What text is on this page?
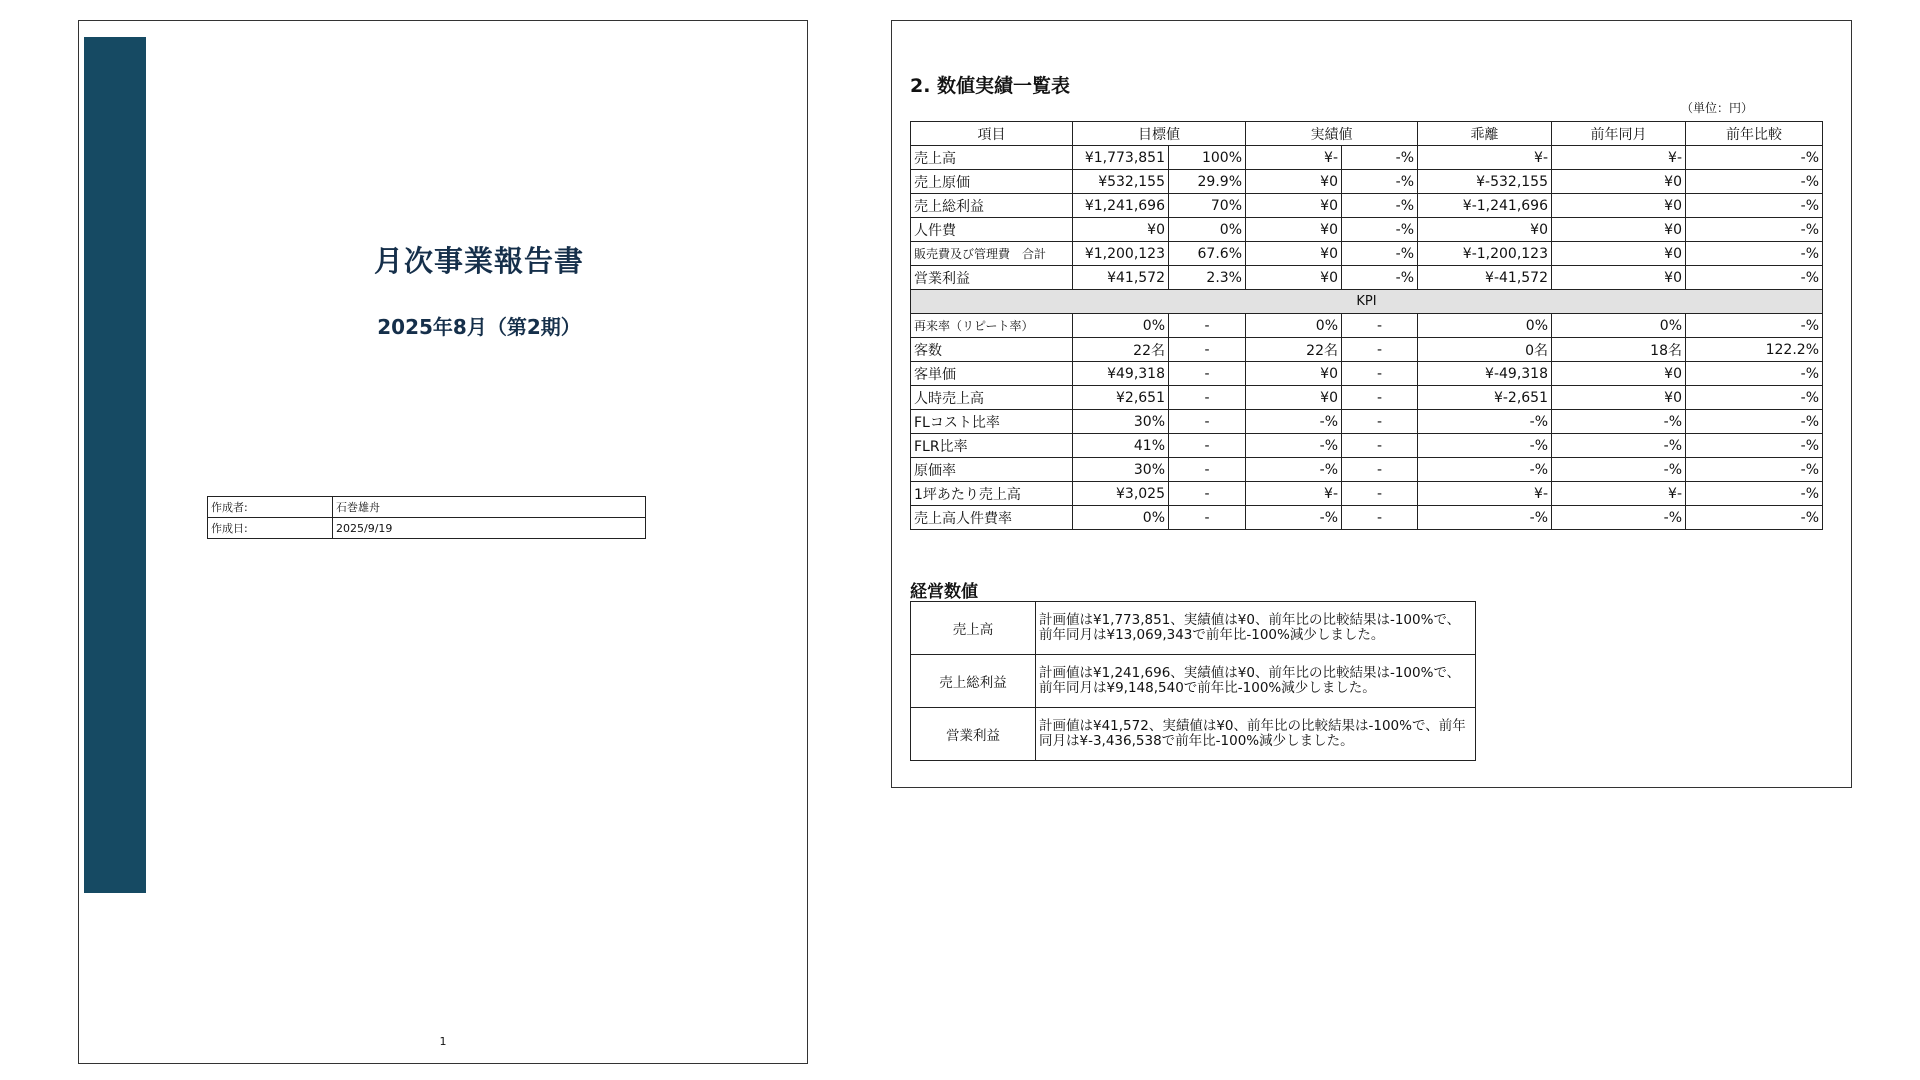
月次事業報告書
2025年8月（第2期）
作成者:	石巻雄舟
作成日:	2025/9/19
1
2. 数値実績一覧表
（単位：円）
項目	目標値		実績値		乖離	前年同月	前年比較
売上高	¥1,773,851	100%	¥-	-%	¥-	¥-	-%
売上原価	¥532,155	29.9%	¥0	-%	¥-532,155	¥0	-%
売上総利益	¥1,241,696	70%	¥0	-%	¥-1,241,696	¥0	-%
人件費	¥0	0%	¥0	-%	¥0	¥0	-%
販売費及び管理費　合計	¥1,200,123	67.6%	¥0	-%	¥-1,200,123	¥0	-%
営業利益	¥41,572	2.3%	¥0	-%	¥-41,572	¥0	-%
KPI							
再来率（リピート率）	0%	-	0%	-	0%	0%	-%
客数	22名	-	22名	-	0名	18名	122.2%
客単価	¥49,318	-	¥0	-	¥-49,318	¥0	-%
人時売上高	¥2,651	-	¥0	-	¥-2,651	¥0	-%
FLコスト比率	30%	-	-%	-	-%	-%	-%
FLR比率	41%	-	-%	-	-%	-%	-%
原価率	30%	-	-%	-	-%	-%	-%
1坪あたり売上高	¥3,025	-	¥-	-	¥-	¥-	-%
売上高人件費率	0%	-	-%	-	-%	-%	-%
経営数値
売上高	計画値は¥1,773,851、実績値は¥0、前年比の比較結果は-100%で、前年同月は¥13,069,343で前年比-100%減少しました。
売上総利益	計画値は¥1,241,696、実績値は¥0、前年比の比較結果は-100%で、前年同月は¥9,148,540で前年比-100%減少しました。
営業利益	計画値は¥41,572、実績値は¥0、前年比の比較結果は-100%で、前年同月は¥-3,436,538で前年比-100%減少しました。
